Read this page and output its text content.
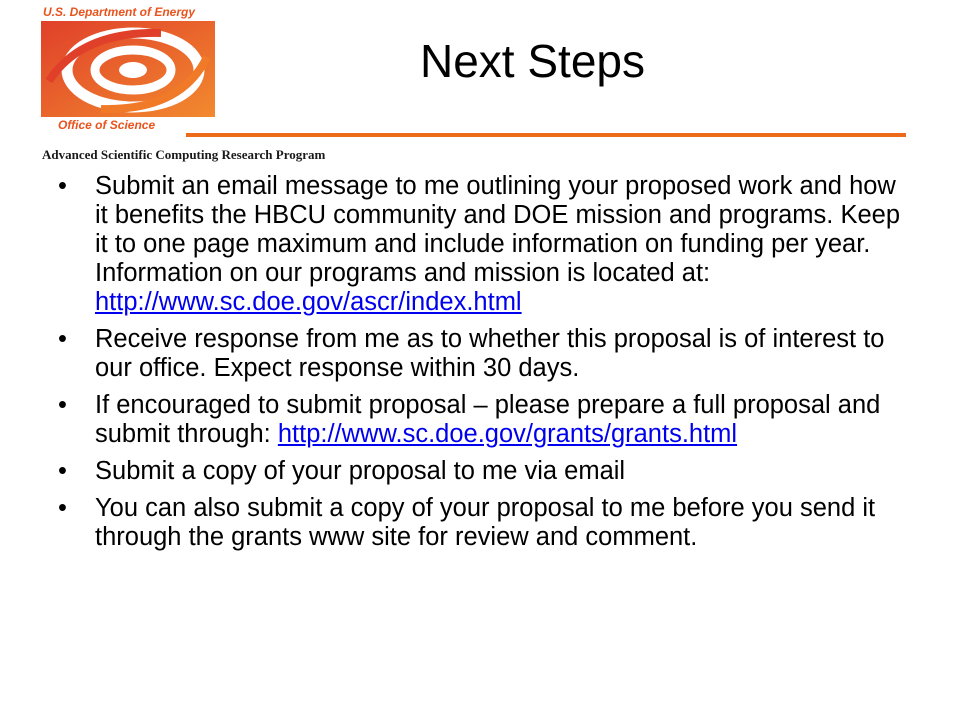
U.S. Department of Energy
Office of Science
Advanced Scientific Computing Research Program
Next Steps
•	Submit an email message to me outlining your proposed work and how it benefits the HBCU community and DOE mission and programs. Keep it to one page maximum and include information on funding per year. Information on our programs and mission is located at: http://www.sc.doe.gov/ascr/index.html
•	Receive response from me as to whether this proposal is of interest to our office. Expect response within 30 days.
•	If encouraged to submit proposal – please prepare a full proposal and submit through: http://www.sc.doe.gov/grants/grants.html
•	Submit a copy of your proposal to me via email
•	You can also submit a copy of your proposal to me before you send it through the grants www site for review and comment.
